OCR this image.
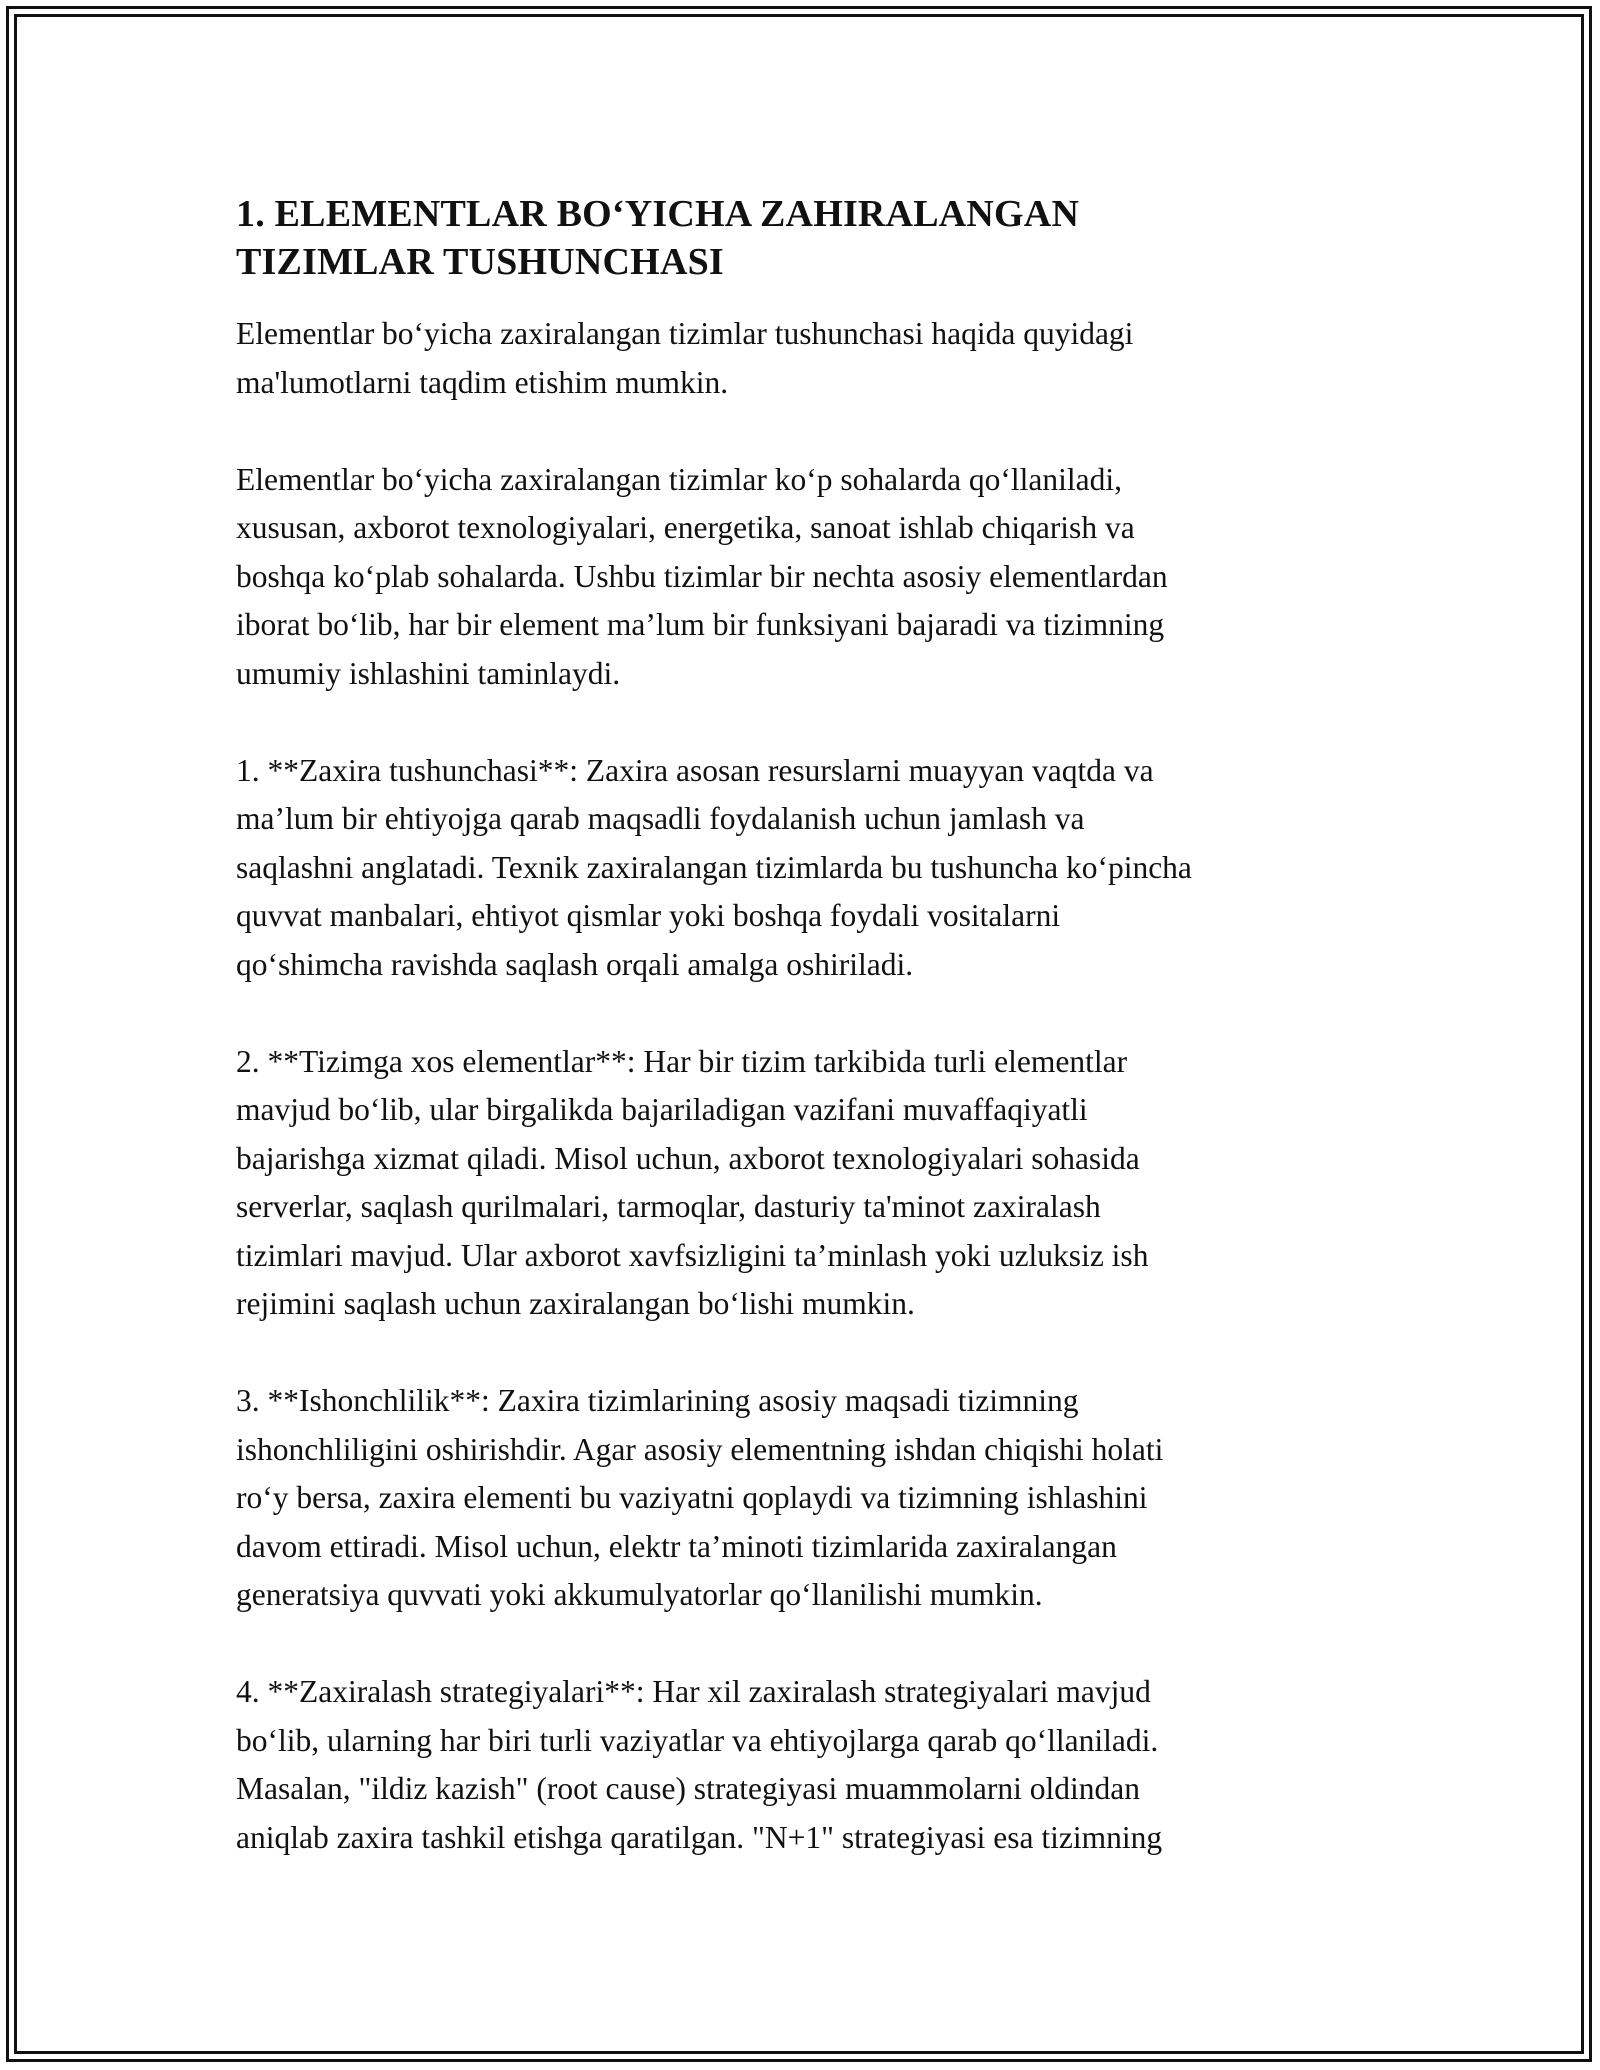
1. ELEMENTLAR BO‘YICHA ZAHIRALANGAN
TIZIMLAR TUSHUNCHASI
Elementlar bo‘yicha zaxiralangan tizimlar tushunchasi haqida quyidagi
ma'lumotlarni taqdim etishim mumkin.
Elementlar bo‘yicha zaxiralangan tizimlar ko‘p sohalarda qo‘llaniladi,
xususan, axborot texnologiyalari, energetika, sanoat ishlab chiqarish va
boshqa ko‘plab sohalarda. Ushbu tizimlar bir nechta asosiy elementlardan
iborat bo‘lib, har bir element ma’lum bir funksiyani bajaradi va tizimning
umumiy ishlashini taminlaydi.
1. **Zaxira tushunchasi**: Zaxira asosan resurslarni muayyan vaqtda va
ma’lum bir ehtiyojga qarab maqsadli foydalanish uchun jamlash va
saqlashni anglatadi. Texnik zaxiralangan tizimlarda bu tushuncha ko‘pincha
quvvat manbalari, ehtiyot qismlar yoki boshqa foydali vositalarni
qo‘shimcha ravishda saqlash orqali amalga oshiriladi.
2. **Tizimga xos elementlar**: Har bir tizim tarkibida turli elementlar
mavjud bo‘lib, ular birgalikda bajariladigan vazifani muvaffaqiyatli
bajarishga xizmat qiladi. Misol uchun, axborot texnologiyalari sohasida
serverlar, saqlash qurilmalari, tarmoqlar, dasturiy ta'minot zaxiralash
tizimlari mavjud. Ular axborot xavfsizligini ta’minlash yoki uzluksiz ish
rejimini saqlash uchun zaxiralangan bo‘lishi mumkin.
3. **Ishonchlilik**: Zaxira tizimlarining asosiy maqsadi tizimning
ishonchliligini oshirishdir. Agar asosiy elementning ishdan chiqishi holati
ro‘y bersa, zaxira elementi bu vaziyatni qoplaydi va tizimning ishlashini
davom ettiradi. Misol uchun, elektr ta’minoti tizimlarida zaxiralangan
generatsiya quvvati yoki akkumulyatorlar qo‘llanilishi mumkin.
4. **Zaxiralash strategiyalari**: Har xil zaxiralash strategiyalari mavjud
bo‘lib, ularning har biri turli vaziyatlar va ehtiyojlarga qarab qo‘llaniladi.
Masalan, "ildiz kazish" (root cause) strategiyasi muammolarni oldindan
aniqlab zaxira tashkil etishga qaratilgan. "N+1" strategiyasi esa tizimning
